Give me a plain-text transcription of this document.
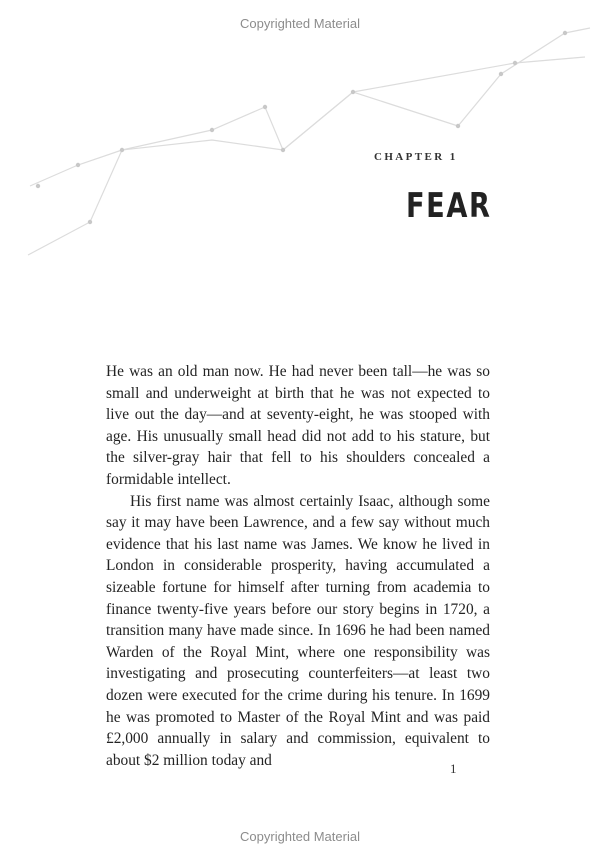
Copyrighted Material
CHAPTER 1
FEAR

He was an old man now. He had never been tall—he was so small and underweight at birth that he was not expected to live out the day—and at seventy-eight, he was stooped with age. His unusually small head did not add to his stature, but the silver-gray hair that fell to his shoulders concealed a formidable intellect.

His first name was almost certainly Isaac, although some say it may have been Lawrence, and a few say without much evidence that his last name was James. We know he lived in London in considerable prosperity, having accumulated a sizeable fortune for himself after turning from academia to finance twenty-five years before our story begins in 1720, a transition many have made since. In 1696 he had been named Warden of the Royal Mint, where one responsibility was investigating and prosecuting counterfeiters—at least two dozen were executed for the crime during his tenure. In 1699 he was promoted to Master of the Royal Mint and was paid £2,000 annually in salary and commission, equivalent to about $2 million today and	1
Copyrighted Material
